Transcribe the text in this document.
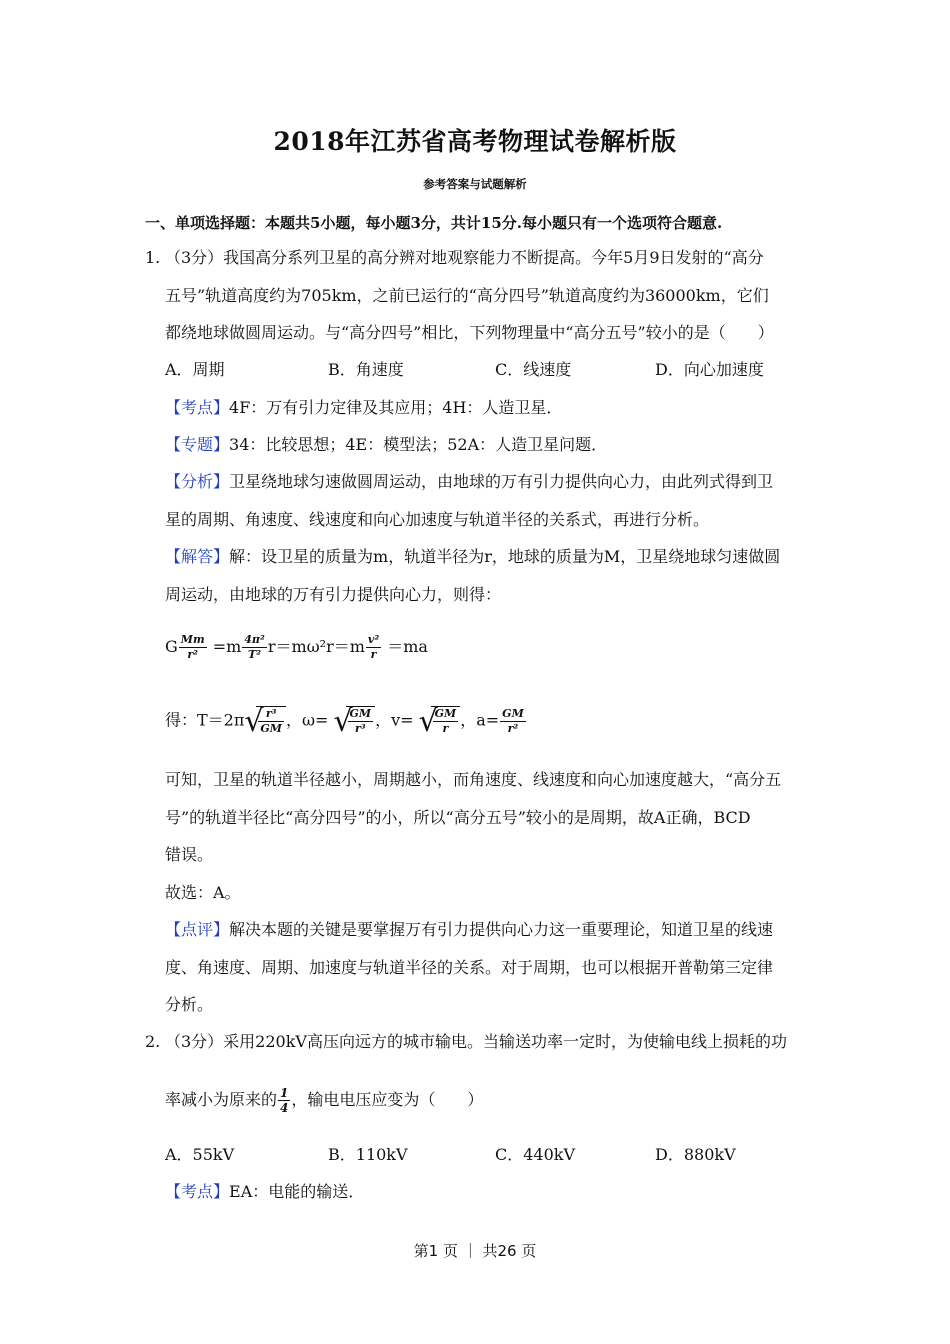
2018年江苏省高考物理试卷解析版
参考答案与试题解析
一、单项选择题：本题共5小题，每小题3分，共计15分.每小题只有一个选项符合题意.
1. （3分）我国高分系列卫星的高分辨对地观察能力不断提高。今年5月9日发射的“高分
五号”轨道高度约为705km，之前已运行的“高分四号”轨道高度约为36000km，它们
都绕地球做圆周运动。与“高分四号”相比，下列物理量中“高分五号”较小的是（　　）
A．周期	B．角速度	C．线速度	D．向心加速度
【考点】4F：万有引力定律及其应用；4H：人造卫星．
【专题】34：比较思想；4E：模型法；52A：人造卫星问题．
【分析】卫星绕地球匀速做圆周运动，由地球的万有引力提供向心力，由此列式得到卫
星的周期、角速度、线速度和向心加速度与轨道半径的关系式，再进行分析。
【解答】解：设卫星的质量为m，轨道半径为r，地球的质量为M，卫星绕地球匀速做圆
周运动，由地球的万有引力提供向心力，则得：
G $\frac{Mm}{\text{r²}} =m \frac{\text{4π²}}{\text{T²}} r=m\omega^2r=m \frac{\text{v²}}{r} =ma$
得：T＝2π √
$\frac{\text{r³}}{GM}$ ，ω= √
$\frac{GM}{\text{r³}}$ ，v= √
$\frac{GM}{r}$ ，$a= \frac{GM}{\text{r²}}$
可知，卫星的轨道半径越小，周期越小，而角速度、线速度和向心加速度越大，“高分五
号”的轨道半径比“高分四号”的小，所以“高分五号”较小的是周期，故A正确，BCD
错误。
故选：A。
【点评】解决本题的关键是要掌握万有引力提供向心力这一重要理论，知道卫星的线速
度、角速度、周期、加速度与轨道半径的关系。对于周期，也可以根据开普勒第三定律
分析。
2. （3分）采用220kV高压向远方的城市输电。当输送功率一定时，为使输电线上损耗的功
率减小为原来的 $\frac{1}{4}$ ，输电电压应变为（　　）
A．55kV	B．110kV	C．440kV	D．880kV
【考点】EA：电能的输送．
第1 页 ｜ 共26 页
